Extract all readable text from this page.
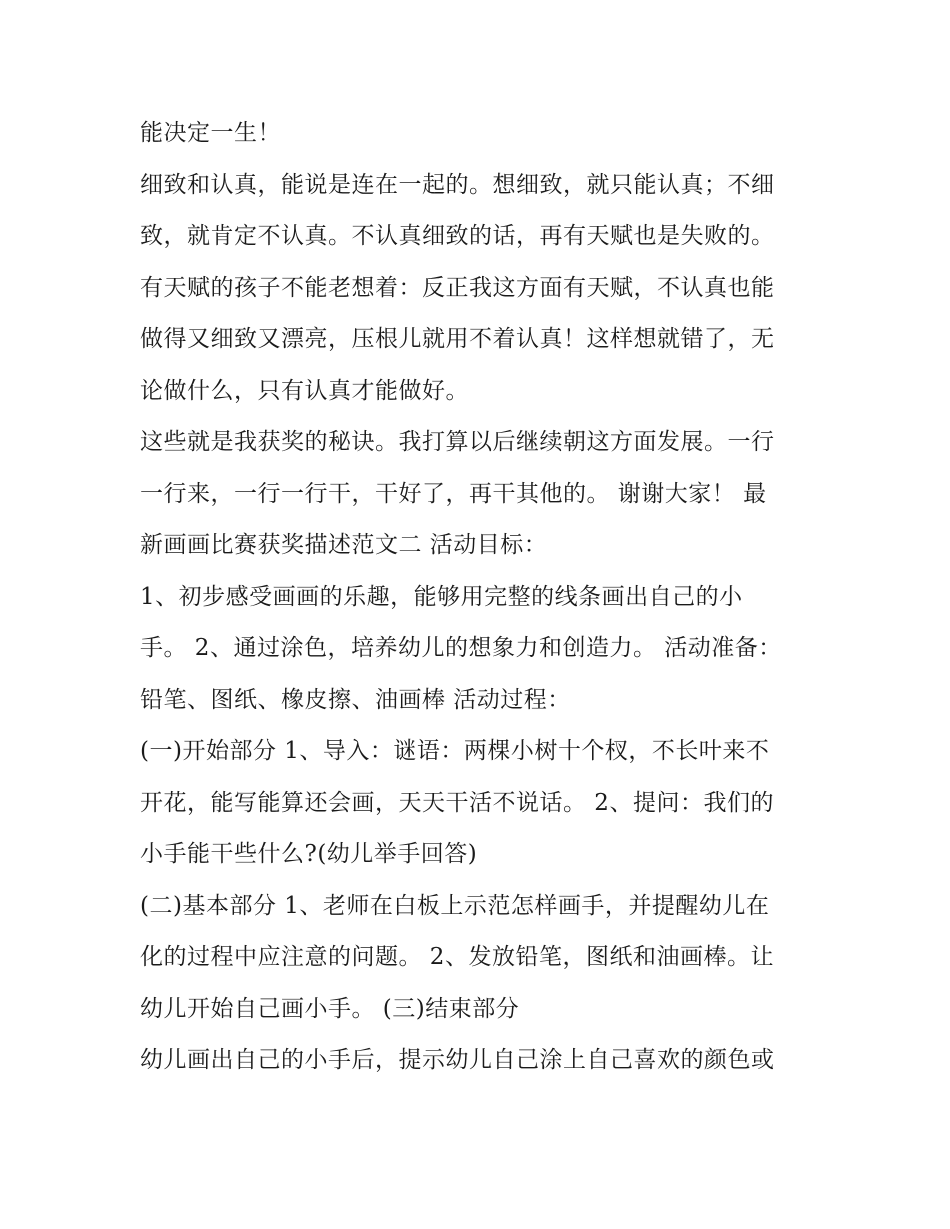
能决定一生！
细致和认真，能说是连在一起的。想细致，就只能认真；不细
致，就肯定不认真。不认真细致的话，再有天赋也是失败的。
有天赋的孩子不能老想着：反正我这方面有天赋，不认真也能
做得又细致又漂亮，压根儿就用不着认真！这样想就错了，无
论做什么，只有认真才能做好。
这些就是我获奖的秘诀。我打算以后继续朝这方面发展。一行
一行来，一行一行干，干好了，再干其他的。 谢谢大家！ 最
新画画比赛获奖描述范文二 活动目标：
1、初步感受画画的乐趣，能够用完整的线条画出自己的小
手。 2、通过涂色，培养幼儿的想象力和创造力。 活动准备：
铅笔、图纸、橡皮擦、油画棒 活动过程：
(一)开始部分 1、导入：谜语：两棵小树十个杈，不长叶来不
开花，能写能算还会画，天天干活不说话。 2、提问：我们的
小手能干些什么?(幼儿举手回答)
(二)基本部分 1、老师在白板上示范怎样画手，并提醒幼儿在
化的过程中应注意的问题。 2、发放铅笔，图纸和油画棒。让
幼儿开始自己画小手。 (三)结束部分
幼儿画出自己的小手后，提示幼儿自己涂上自己喜欢的颜色或
